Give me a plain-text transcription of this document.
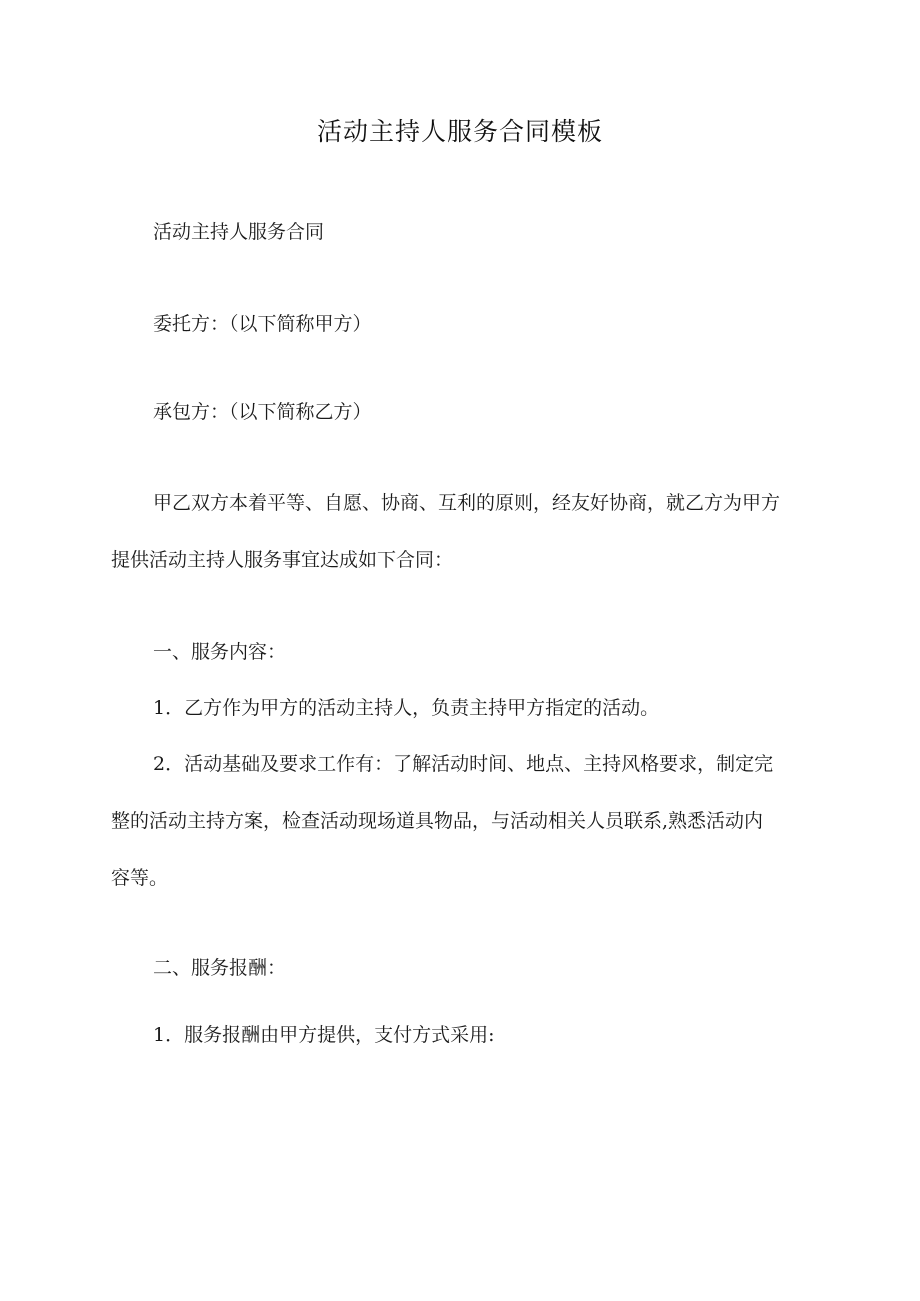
活动主持人服务合同模板
活动主持人服务合同
委托方：（以下简称甲方）
承包方：（以下简称乙方）
甲乙双方本着平等、自愿、协商、互利的原则，经友好协商，就乙方为甲方
提供活动主持人服务事宜达成如下合同：
一、服务内容：
1．乙方作为甲方的活动主持人，负责主持甲方指定的活动。
2．活动基础及要求工作有：了解活动时间、地点、主持风格要求，制定完
整的活动主持方案，检查活动现场道具物品，与活动相关人员联系,熟悉活动内
容等。
二、服务报酬：
1．服务报酬由甲方提供，支付方式采用:
